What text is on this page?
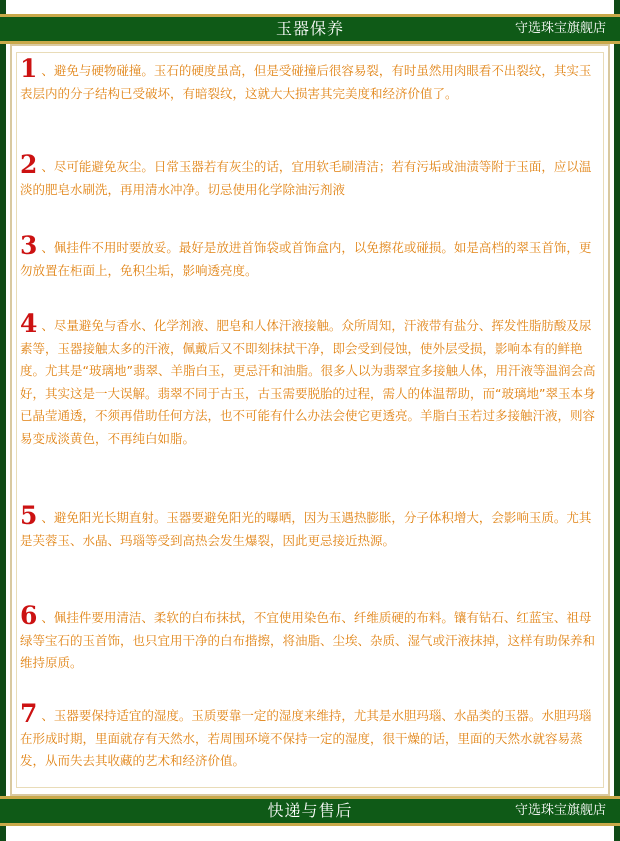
玉器保养	守选珠宝旗舰店
1 、避免与硬物碰撞。玉石的硬度虽高，但是受碰撞后很容易裂，有时虽然用肉眼看不出裂纹，其实玉表层内的分子结构已受破坏，有暗裂纹，这就大大损害其完美度和经济价值了。
2 、尽可能避免灰尘。日常玉器若有灰尘的话，宜用软毛刷清洁；若有污垢或油渍等附于玉面，应以温淡的肥皂水刷洗，再用清水冲净。切忌使用化学除油污剂液
3 、佩挂件不用时要放妥。最好是放进首饰袋或首饰盒内，以免擦花或碰损。如是高档的翠玉首饰，更勿放置在柜面上，免积尘垢，影响透亮度。
4 、尽量避免与香水、化学剂液、肥皂和人体汗液接触。众所周知，汗液带有盐分、挥发性脂肪酸及尿素等，玉器接触太多的汗液，佩戴后又不即刻抹拭干净，即会受到侵蚀，使外层受损，影响本有的鲜艳度。尤其是“玻璃地”翡翠、羊脂白玉，更忌汗和油脂。很多人以为翡翠宜多接触人体，用汗液等温润会高好，其实这是一大误解。翡翠不同于古玉，古玉需要脱胎的过程，需人的体温帮助，而“玻璃地”翠玉本身已晶莹通透，不须再借助任何方法，也不可能有什么办法会使它更透亮。羊脂白玉若过多接触汗液，则容易变成淡黄色，不再纯白如脂。
5 、避免阳光长期直射。玉器要避免阳光的曝晒，因为玉遇热膨胀，分子体积增大，会影响玉质。尤其是芙蓉玉、水晶、玛瑙等受到高热会发生爆裂，因此更忌接近热源。
6 、佩挂件要用清洁、柔软的白布抹拭，不宜使用染色布、纤维质硬的布料。镶有钻石、红蓝宝、祖母绿等宝石的玉首饰，也只宜用干净的白布揩擦，将油脂、尘埃、杂质、湿气或汗液抹掉，这样有助保养和维持原质。
7 、玉器要保持适宜的湿度。玉质要靠一定的湿度来维持，尤其是水胆玛瑙、水晶类的玉器。水胆玛瑙在形成时期，里面就存有天然水，若周围环境不保持一定的湿度，很干燥的话，里面的天然水就容易蒸发，从而失去其收藏的艺术和经济价值。
快递与售后	守选珠宝旗舰店
